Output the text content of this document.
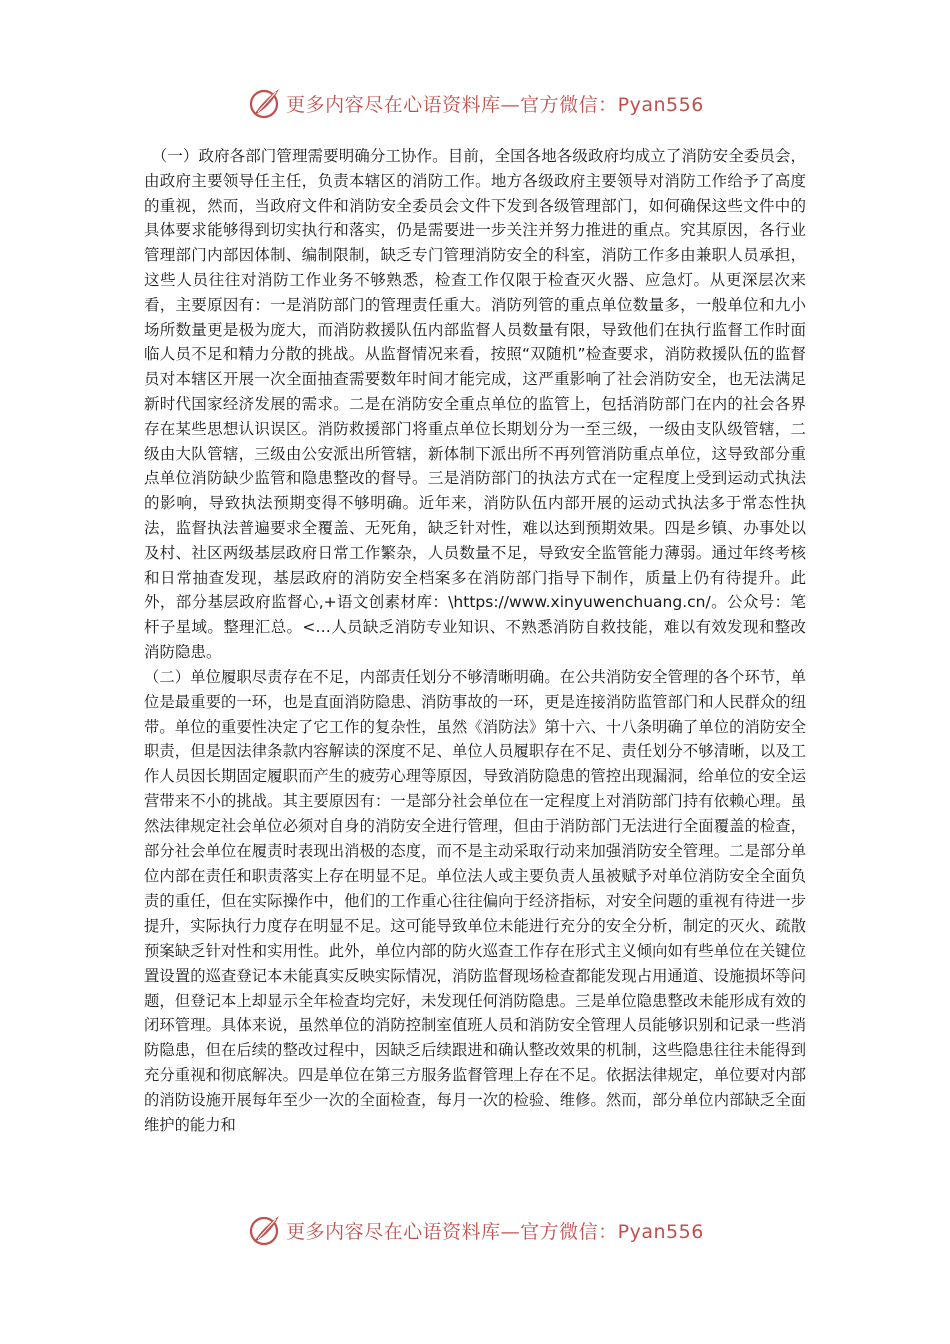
更多内容尽在心语资料库—官方微信：Pyan556

（一）政府各部门管理需要明确分工协作。目前，全国各地各级政府均成立了消防安全委员会，由政府主要领导任主任，负责本辖区的消防工作。地方各级政府主要领导对消防工作给予了高度的重视，然而，当政府文件和消防安全委员会文件下发到各级管理部门，如何确保这些文件中的具体要求能够得到切实执行和落实，仍是需要进一步关注并努力推进的重点。究其原因，各行业管理部门内部因体制、编制限制，缺乏专门管理消防安全的科室，消防工作多由兼职人员承担，这些人员往往对消防工作业务不够熟悉，检查工作仅限于检查灭火器、应急灯。从更深层次来看，主要原因有：一是消防部门的管理责任重大。消防列管的重点单位数量多，一般单位和九小场所数量更是极为庞大，而消防救援队伍内部监督人员数量有限，导致他们在执行监督工作时面临人员不足和精力分散的挑战。从监督情况来看，按照“双随机”检查要求，消防救援队伍的监督员对本辖区开展一次全面抽查需要数年时间才能完成，这严重影响了社会消防安全，也无法满足新时代国家经济发展的需求。二是在消防安全重点单位的监管上，包括消防部门在内的社会各界存在某些思想认识误区。消防救援部门将重点单位长期划分为一至三级，一级由支队级管辖，二级由大队管辖，三级由公安派出所管辖，新体制下派出所不再列管消防重点单位，这导致部分重点单位消防缺少监管和隐患整改的督导。三是消防部门的执法方式在一定程度上受到运动式执法的影响，导致执法预期变得不够明确。近年来，消防队伍内部开展的运动式执法多于常态性执法，监督执法普遍要求全覆盖、无死角，缺乏针对性，难以达到预期效果。四是乡镇、办事处以及村、社区两级基层政府日常工作繁杂，人员数量不足，导致安全监管能力薄弱。通过年终考核和日常抽查发现，基层政府的消防安全档案多在消防部门指导下制作，质量上仍有待提升。此外，部分基层政府监督心,+语文创素材库：\https://www.xinyuwenchuang.cn/。公众号：笔杆子星域。整理汇总。<…人员缺乏消防专业知识、不熟悉消防自救技能，难以有效发现和整改消防隐患。

（二）单位履职尽责存在不足，内部责任划分不够清晰明确。在公共消防安全管理的各个环节，单位是最重要的一环，也是直面消防隐患、消防事故的一环，更是连接消防监管部门和人民群众的纽带。单位的重要性决定了它工作的复杂性，虽然《消防法》第十六、十八条明确了单位的消防安全职责，但是因法律条款内容解读的深度不足、单位人员履职存在不足、责任划分不够清晰，以及工作人员因长期固定履职而产生的疲劳心理等原因，导致消防隐患的管控出现漏洞，给单位的安全运营带来不小的挑战。其主要原因有：一是部分社会单位在一定程度上对消防部门持有依赖心理。虽然法律规定社会单位必须对自身的消防安全进行管理，但由于消防部门无法进行全面覆盖的检查，部分社会单位在履责时表现出消极的态度，而不是主动采取行动来加强消防安全管理。二是部分单位内部在责任和职责落实上存在明显不足。单位法人或主要负责人虽被赋予对单位消防安全全面负责的重任，但在实际操作中，他们的工作重心往往偏向于经济指标，对安全问题的重视有待进一步提升，实际执行力度存在明显不足。这可能导致单位未能进行充分的安全分析，制定的灭火、疏散预案缺乏针对性和实用性。此外，单位内部的防火巡查工作存在形式主义倾向如有些单位在关键位置设置的巡查登记本未能真实反映实际情况，消防监督现场检查都能发现占用通道、设施损坏等问题，但登记本上却显示全年检查均完好，未发现任何消防隐患。三是单位隐患整改未能形成有效的闭环管理。具体来说，虽然单位的消防控制室值班人员和消防安全管理人员能够识别和记录一些消防隐患，但在后续的整改过程中，因缺乏后续跟进和确认整改效果的机制，这些隐患往往未能得到充分重视和彻底解决。四是单位在第三方服务监督管理上存在不足。依据法律规定，单位要对内部的消防设施开展每年至少一次的全面检查，每月一次的检验、维修。然而，部分单位内部缺乏全面维护的能力和

更多内容尽在心语资料库—官方微信：Pyan556
